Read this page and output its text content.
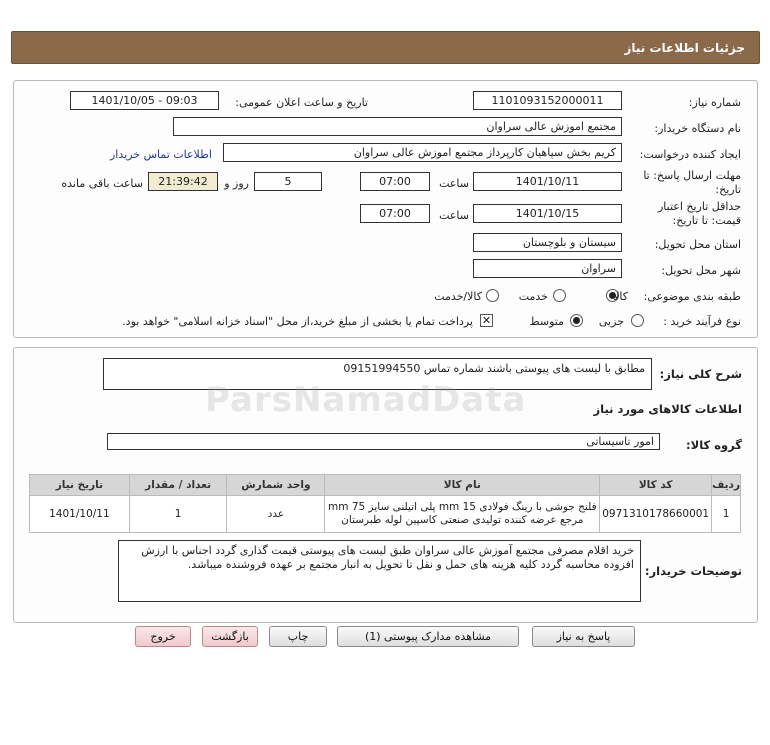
جزئیات اطلاعات نیاز
شماره نیاز:
1101093152000011
تاریخ و ساعت اعلان عمومی:
1401/10/05 - 09:03
نام دستگاه خریدار:
مجتمع اموزش عالی سراوان
ایجاد کننده درخواست:
کریم بخش سپاهیان کارپرداز مجتمع اموزش عالی سراوان
اطلاعات تماس خریدار
مهلت ارسال پاسخ: تا تاریخ:
1401/10/11
ساعت
07:00
5
روز و
21:39:42
ساعت باقی مانده
حداقل تاریخ اعتبار قیمت: تا تاریخ:
1401/10/15
ساعت
07:00
استان محل تحویل:
سیستان و بلوچستان
شهر محل تحویل:
سراوان
طبقه بندی موضوعی:
کالا
خدمت
کالا/خدمت
نوع فرآیند خرید :
جزیی
متوسط
✕
پرداخت تمام یا بخشی از مبلغ خرید،از محل "اسناد خزانه اسلامی" خواهد بود.
شرح کلی نیاز:
مطابق با لیست های پیوستی باشند شماره تماس 09151994550
اطلاعات کالاهای مورد نیاز
گروه کالا:
امور تاسیساتی
ردیف	کد کالا	نام کالا	واحد شمارش	تعداد / مقدار	تاریخ نیاز
1	0971310178660001	فلنج جوشی با رینگ فولادی mm 15 پلی اتیلنی سایز mm 75
مرجع عرضه کننده تولیدی صنعتی کاسپین لوله طبرستان	عدد	1	1401/10/11
توضیحات خریدار:
خرید اقلام مصرفی مجتمع آموزش عالی سراوان طبق لیست های پیوستی قیمت گذاری گردد اجناس با ارزش افزوده محاسبه گردد کلیه هزینه های حمل و نقل تا تحویل به انبار مجتمع بر عهده فروشنده میباشد.
ParsNamadData
پاسخ به نیاز
مشاهده مدارک پیوستی (1)
چاپ
بازگشت
خروج
